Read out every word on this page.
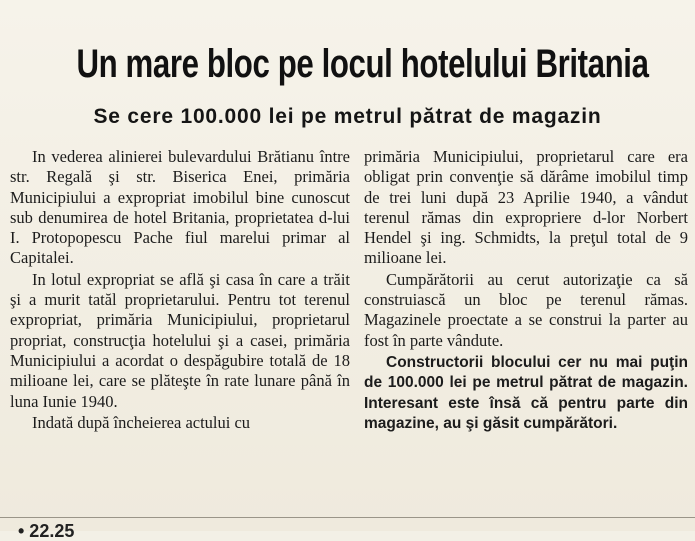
Un mare bloc pe locul hotelului Britania
Se cere 100.000 lei pe metrul pătrat de magazin

In vederea alinierei bulevardului Brătianu între str. Regală şi str. Biserica Enei, primăria Municipiului a expropriat imobilul bine cunoscut sub denumirea de hotel Britania, proprietatea d-lui I. Protopopescu Pache fiul marelui primar al Capitalei.

In lotul expropriat se află şi casa în care a trăit şi a murit tatăl proprietarului. Pentru tot terenul expropriat, primăria Municipiului, proprietarul propriat, construcţia hotelului şi a casei, primăria Municipiului a acordat o despăgubire totală de 18 milioane lei, care se plăteşte în rate lunare până în luna Iunie 1940.

Indată după încheierea actului cu

primăria Municipiului, proprietarul care era obligat prin convenţie să dărâme imobilul timp de trei luni după 23 Aprilie 1940, a vândut terenul rămas din expropriere d-lor Norbert Hendel şi ing. Schmidts, la preţul total de 9 milioane lei.

Cumpărătorii au cerut autorizaţie ca să construiască un bloc pe terenul rămas. Magazinele proectate a se construi la parter au fost în parte vândute.

Constructorii blocului cer nu mai puţin de 100.000 lei pe metrul pătrat de magazin. Interesant este însă că pentru parte din magazine, au şi găsit cumpărători.

• 22.25
